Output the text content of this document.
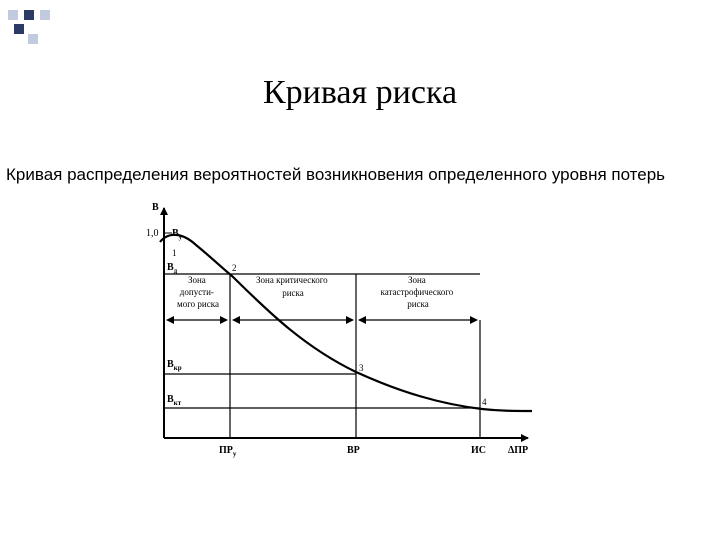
Кривая риска
Кривая распределения вероятностей возникновения определенного уровня потерь
В
1,0 $В_у$
1
$В_д$	2
Зона допусти- мого риска
Зона критического риска
Зона катастрофического риска
$В_{кр}$	3
$В_{кт}$	4
$ПР_у$	ВР	ИС ΔПР
